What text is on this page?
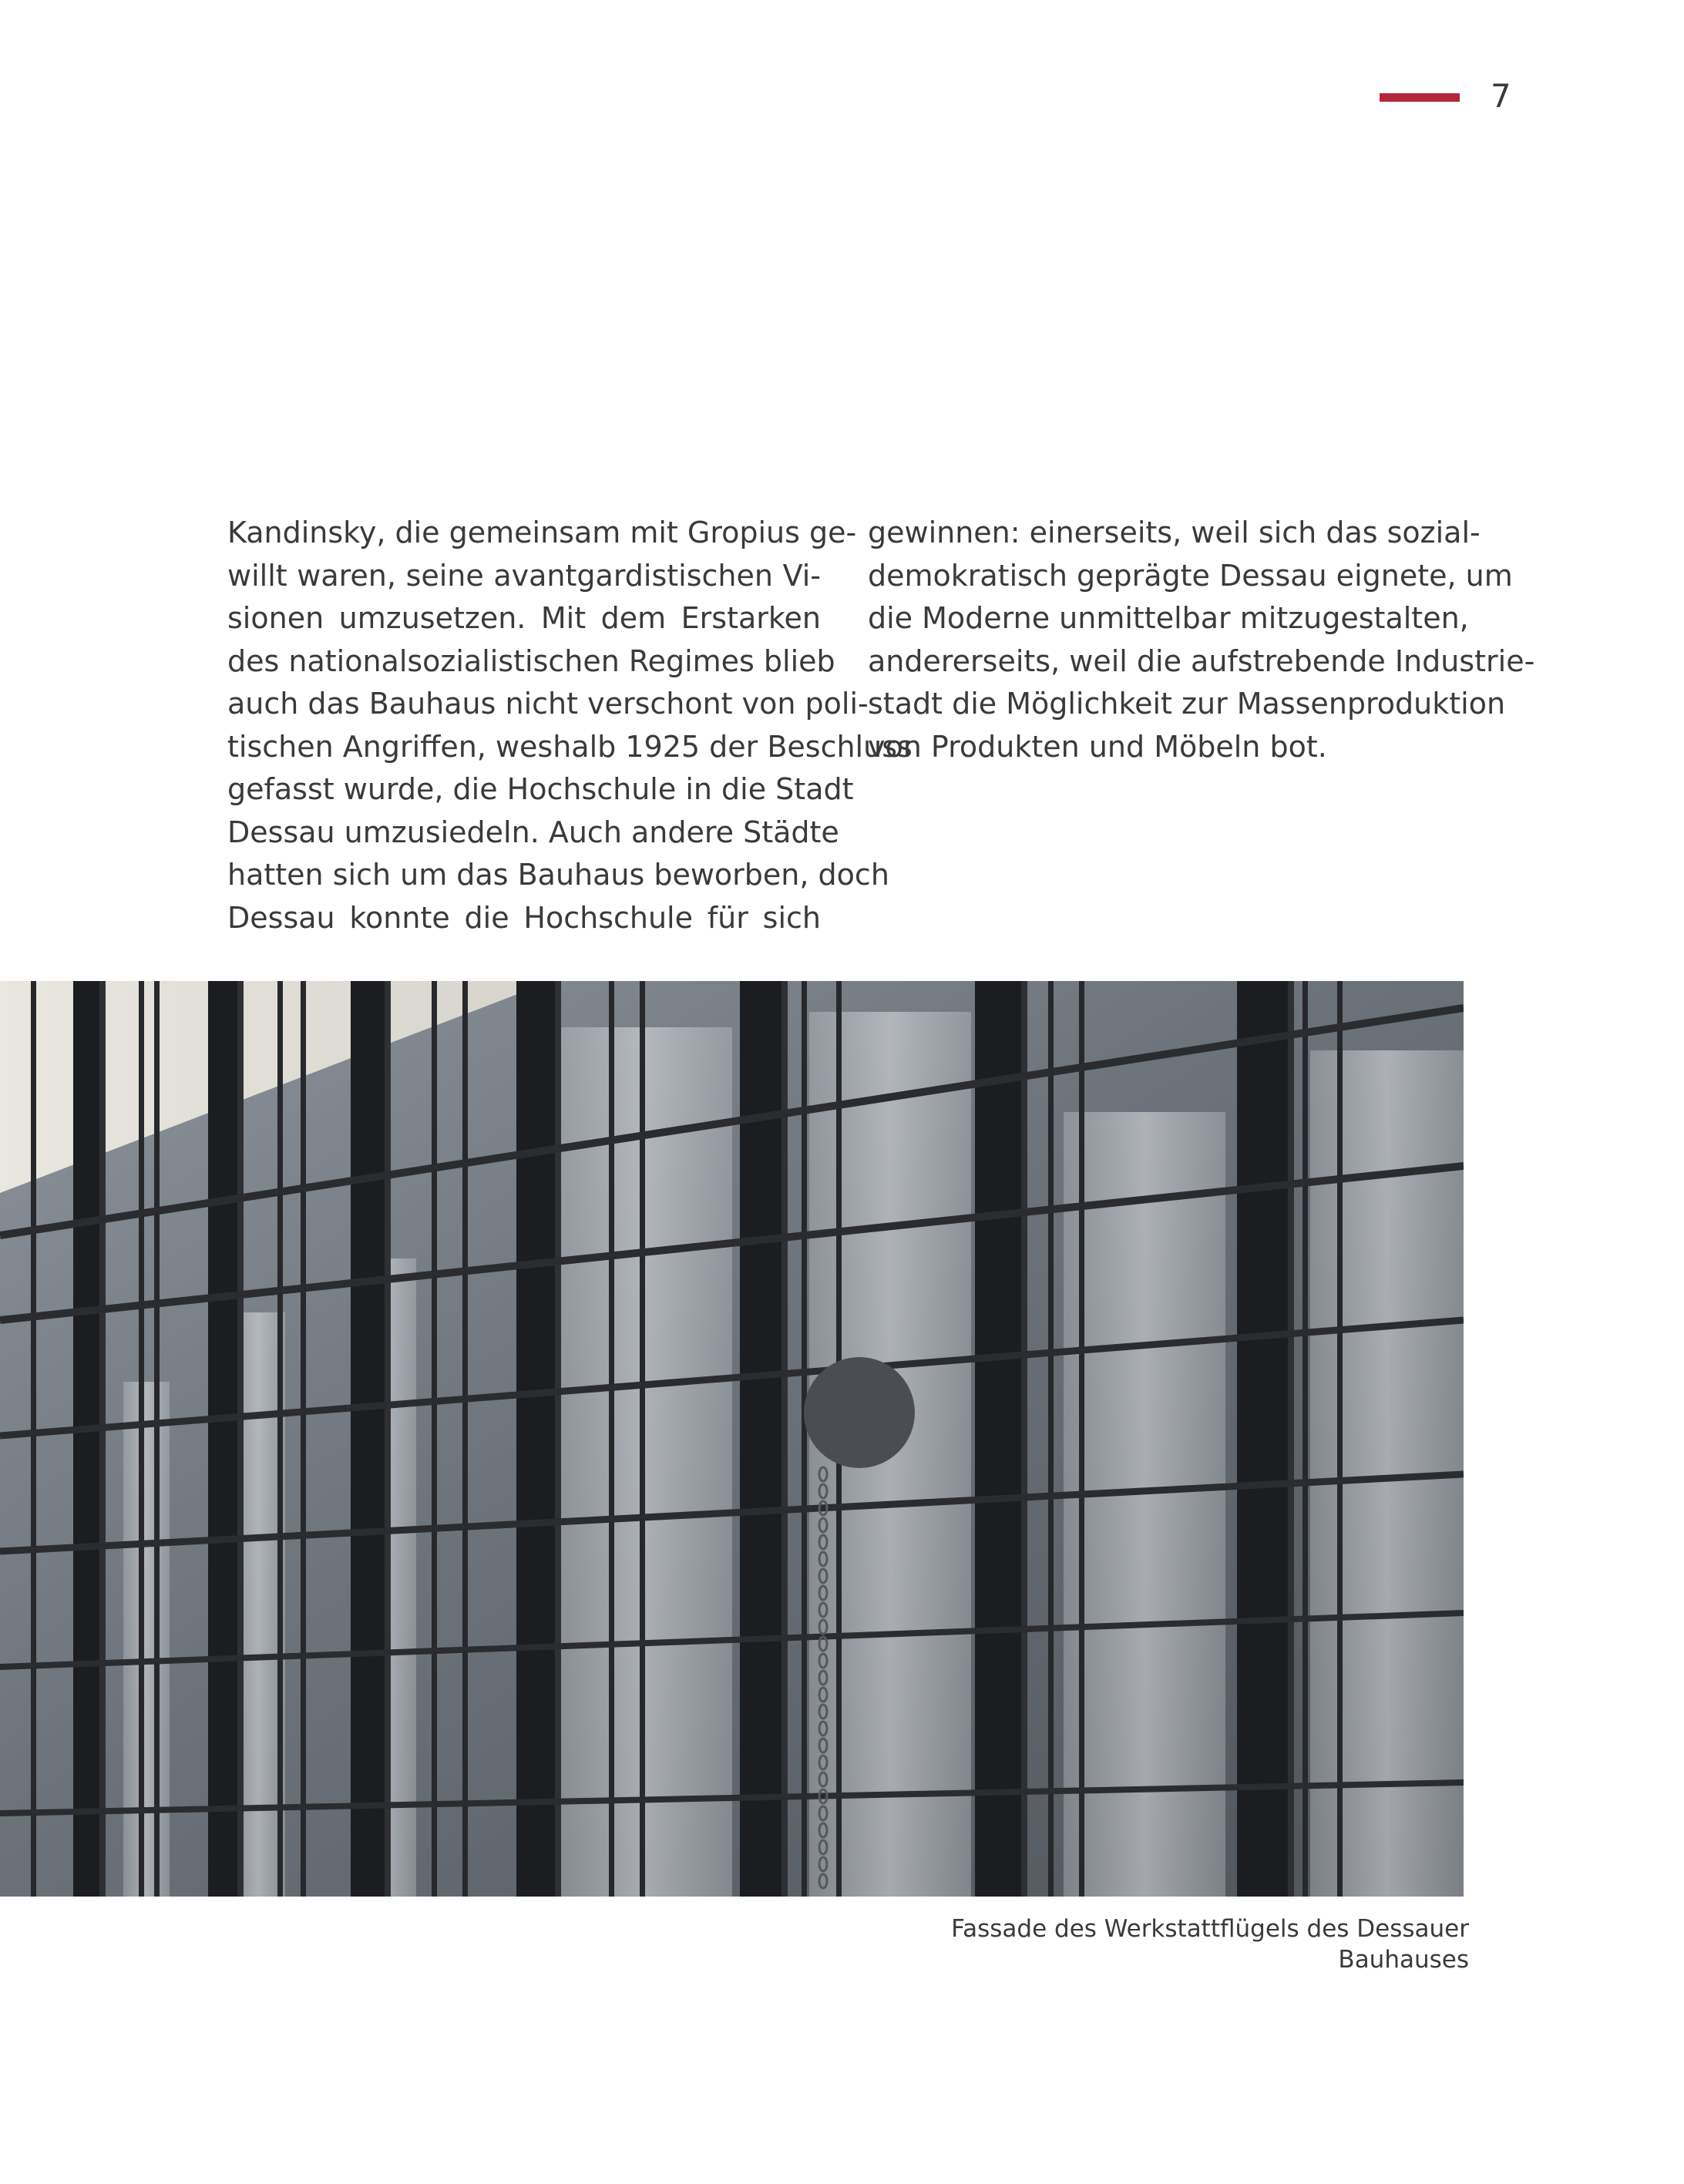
7
Kandinsky, die gemeinsam mit Gropius ge-
willt waren, seine avantgardistischen Vi-
sionen umzusetzen. Mit dem Erstarken
des nationalsozialistischen Regimes blieb
auch das Bauhaus nicht verschont von poli-
tischen Angriffen, weshalb 1925 der Beschluss
gefasst wurde, die Hochschule in die Stadt
Dessau umzusiedeln. Auch andere Städte
hatten sich um das Bauhaus beworben, doch
Dessau konnte die Hochschule für sich
gewinnen: einerseits, weil sich das sozial-
demokratisch geprägte Dessau eignete, um
die Moderne unmittelbar mitzugestalten,
andererseits, weil die aufstrebende Industrie-
stadt die Möglichkeit zur Massenproduktion
von Produkten und Möbeln bot.
Fassade des Werkstattflügels des Dessauer Bauhauses
